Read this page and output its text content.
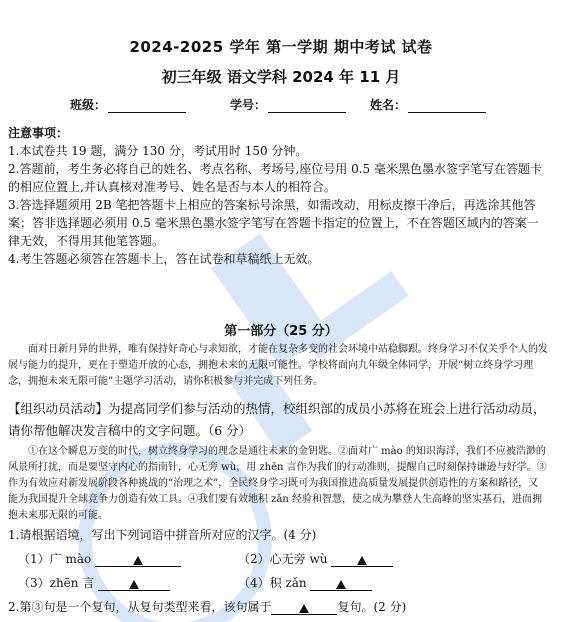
2024-2025 学年 第一学期 期中考试 试卷
初三年级 语文学科 2024 年 11 月
班级：	学号：	姓名：

注意事项：

1.本试卷共 19 题，满分 130 分，考试用时 150 分钟。

2.答题前，考生务必将自己的姓名、考点名称、考场号,座位号用 0.5 毫米黑色墨水签字笔写在答题卡的相应位置上,并认真核对准考号、姓名是否与本人的相符合。

3.答选择题须用 2B 笔把答题卡上相应的答案标号涂黑，如需改动，用标皮擦干净后，再选涂其他答案；答非选择题必须用 0.5 毫米黑色墨水签字笔写在答题卡指定的位置上，不在答题区域内的答案一律无效，不得用其他笔答题。

4.考生答题必须答在答题卡上，答在试卷和草稿纸上无效。

第一部分（25 分）
面对日新月异的世界，唯有保持好奇心与求知欲，才能在复杂多变的社会环境中站稳脚跟。终身学习不仅关乎个人的发展与能力的提升，更在于塑造开放的心态，拥抱未来的无限可能性。学校将面向九年级全体同学，开展“树立终身学习理念，拥抱未来无限可能”主题学习活动，请你积极参与并完成下列任务。
【组织动员活动】为提高同学们参与活动的热情，校组织部的成员小苏将在班会上进行活动动员，请你帮他解决发言稿中的文字问题。（6 分）
①在这个瞬息万变的时代，树立终身学习的理念是通往未来的金钥匙。②面对广 mào 的知识海洋，我们不应被浩渺的风景所打扰，而是要坚守内心的指南针，心无旁 wù，用 zhēn 言作为我们的行动准则，提醒自己时刻保持谦逊与好学。③作为有效应对新发展阶段各种挑战的“治理之术”，全民终身学习既可为我国推进高质量发展提供创造性的方案和路径，又能为我国提升全球竞争力创造有效工具。④我们要有效地积 zǎn 经验和智慧，使之成为攀登人生高峰的坚实基石，进而拥抱未来那无限的可能。
1.请根据语境，写出下列词语中拼音所对应的汉字。(4 分)
（1）广 mào	（2）心无旁 wù
（3）zhēn 言	（4）积 zǎn
2.第③句是一个复句，从复句类型来看，该句属于	复句。(2 分)
